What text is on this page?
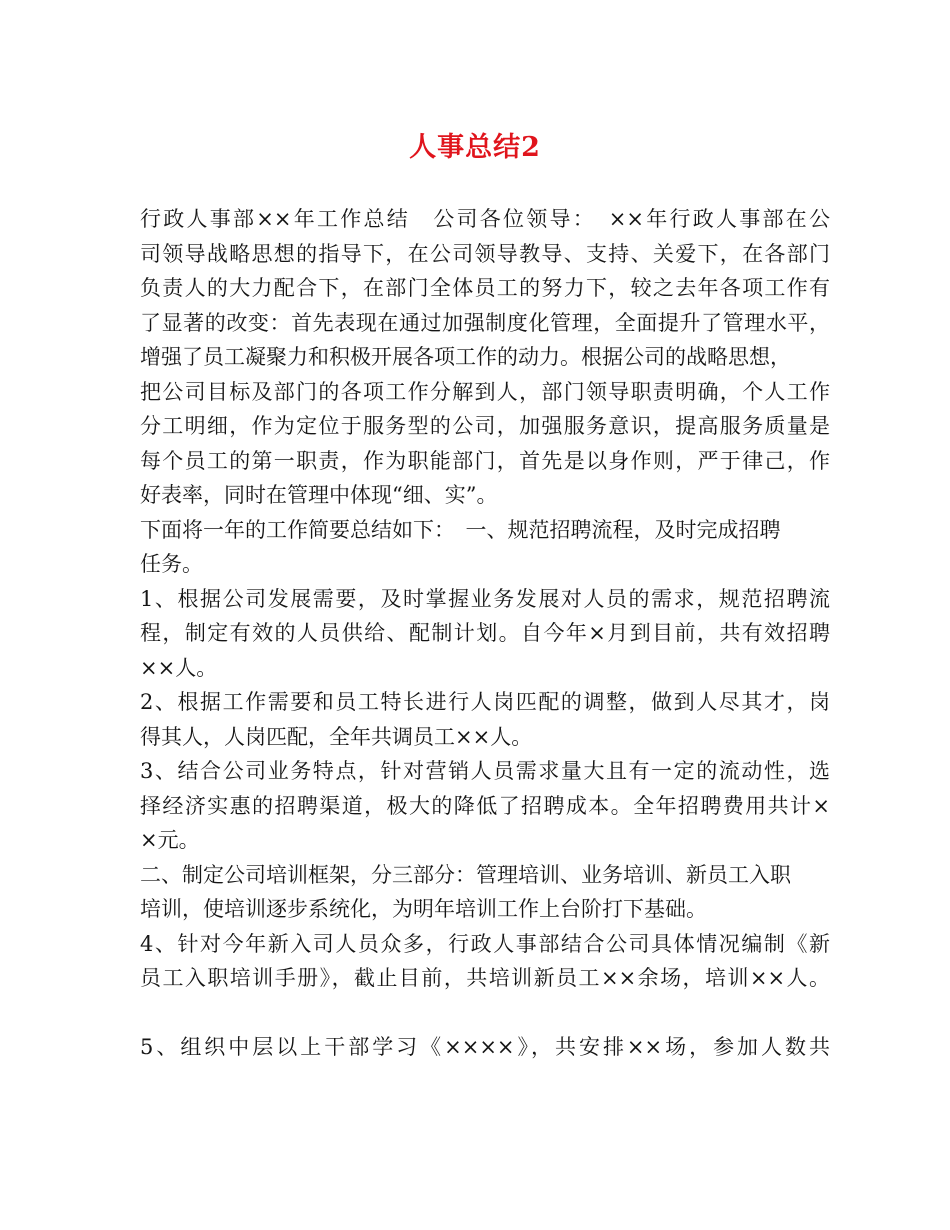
人事总结2
行政人事部××年工作总结　公司各位领导：　××年行政人事部在公
司领导战略思想的指导下，在公司领导教导、支持、关爱下，在各部门
负责人的大力配合下，在部门全体员工的努力下，较之去年各项工作有
了显著的改变：首先表现在通过加强制度化管理，全面提升了管理水平，
增强了员工凝聚力和积极开展各项工作的动力。根据公司的战略思想，
把公司目标及部门的各项工作分解到人，部门领导职责明确，个人工作
分工明细，作为定位于服务型的公司，加强服务意识，提高服务质量是
每个员工的第一职责，作为职能部门，首先是以身作则，严于律己，作
好表率，同时在管理中体现“细、实”。
下面将一年的工作简要总结如下：　一、规范招聘流程，及时完成招聘
任务。
1、根据公司发展需要，及时掌握业务发展对人员的需求，规范招聘流
程，制定有效的人员供给、配制计划。自今年×月到目前，共有效招聘
××人。
2、根据工作需要和员工特长进行人岗匹配的调整，做到人尽其才，岗
得其人，人岗匹配，全年共调员工××人。
3、结合公司业务特点，针对营销人员需求量大且有一定的流动性，选
择经济实惠的招聘渠道，极大的降低了招聘成本。全年招聘费用共计×
×元。
二、制定公司培训框架，分三部分：管理培训、业务培训、新员工入职
培训，使培训逐步系统化，为明年培训工作上台阶打下基础。
4、针对今年新入司人员众多，行政人事部结合公司具体情况编制《新
员工入职培训手册》，截止目前，共培训新员工××余场，培训××人。
5、组织中层以上干部学习《××××》，共安排××场，参加人数共
